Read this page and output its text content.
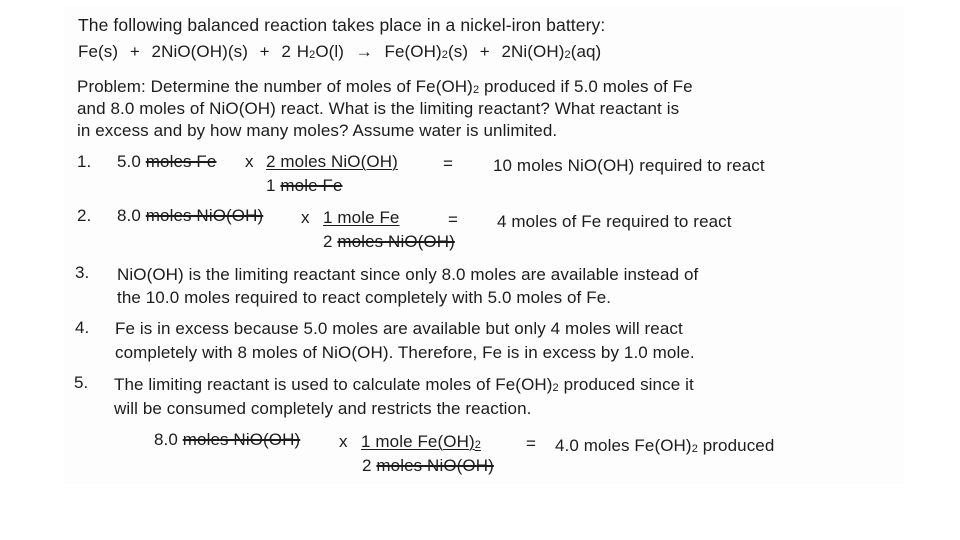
The following balanced reaction takes place in a nickel-iron battery:
Fe(s) + 2NiO(OH)(s) + 2 $H_2O(l) \to Fe(OH)_2(s) + 2Ni(OH)_2(aq)$
Problem: Determine the number of moles of $Fe(OH)_2$ produced if 5.0 moles of Fe
and 8.0 moles of NiO(OH) react. What is the limiting reactant? What reactant is
in excess and by how many moles? Assume water is unlimited.
1. 5.0 moles Fe x 2 moles NiO(OH)
1 mole Fe
= 10 moles NiO(OH) required to react
2. 8.0 moles NiO(OH) x 1 mole Fe
2 moles NiO(OH)
= 4 moles of Fe required to react
3. NiO(OH) is the limiting reactant since only 8.0 moles are available instead of
the 10.0 moles required to react completely with 5.0 moles of Fe.
4. Fe is in excess because 5.0 moles are available but only 4 moles will react
completely with 8 moles of NiO(OH). Therefore, Fe is in excess by 1.0 mole.
5. The limiting reactant is used to calculate moles of $Fe(OH)_2$ produced since it
will be consumed completely and restricts the reaction.
8.0 moles NiO(OH) x 1 mole $Fe(OH)_2$
2 moles NiO(OH)
= 4.0 moles $Fe(OH)_2$ produced
